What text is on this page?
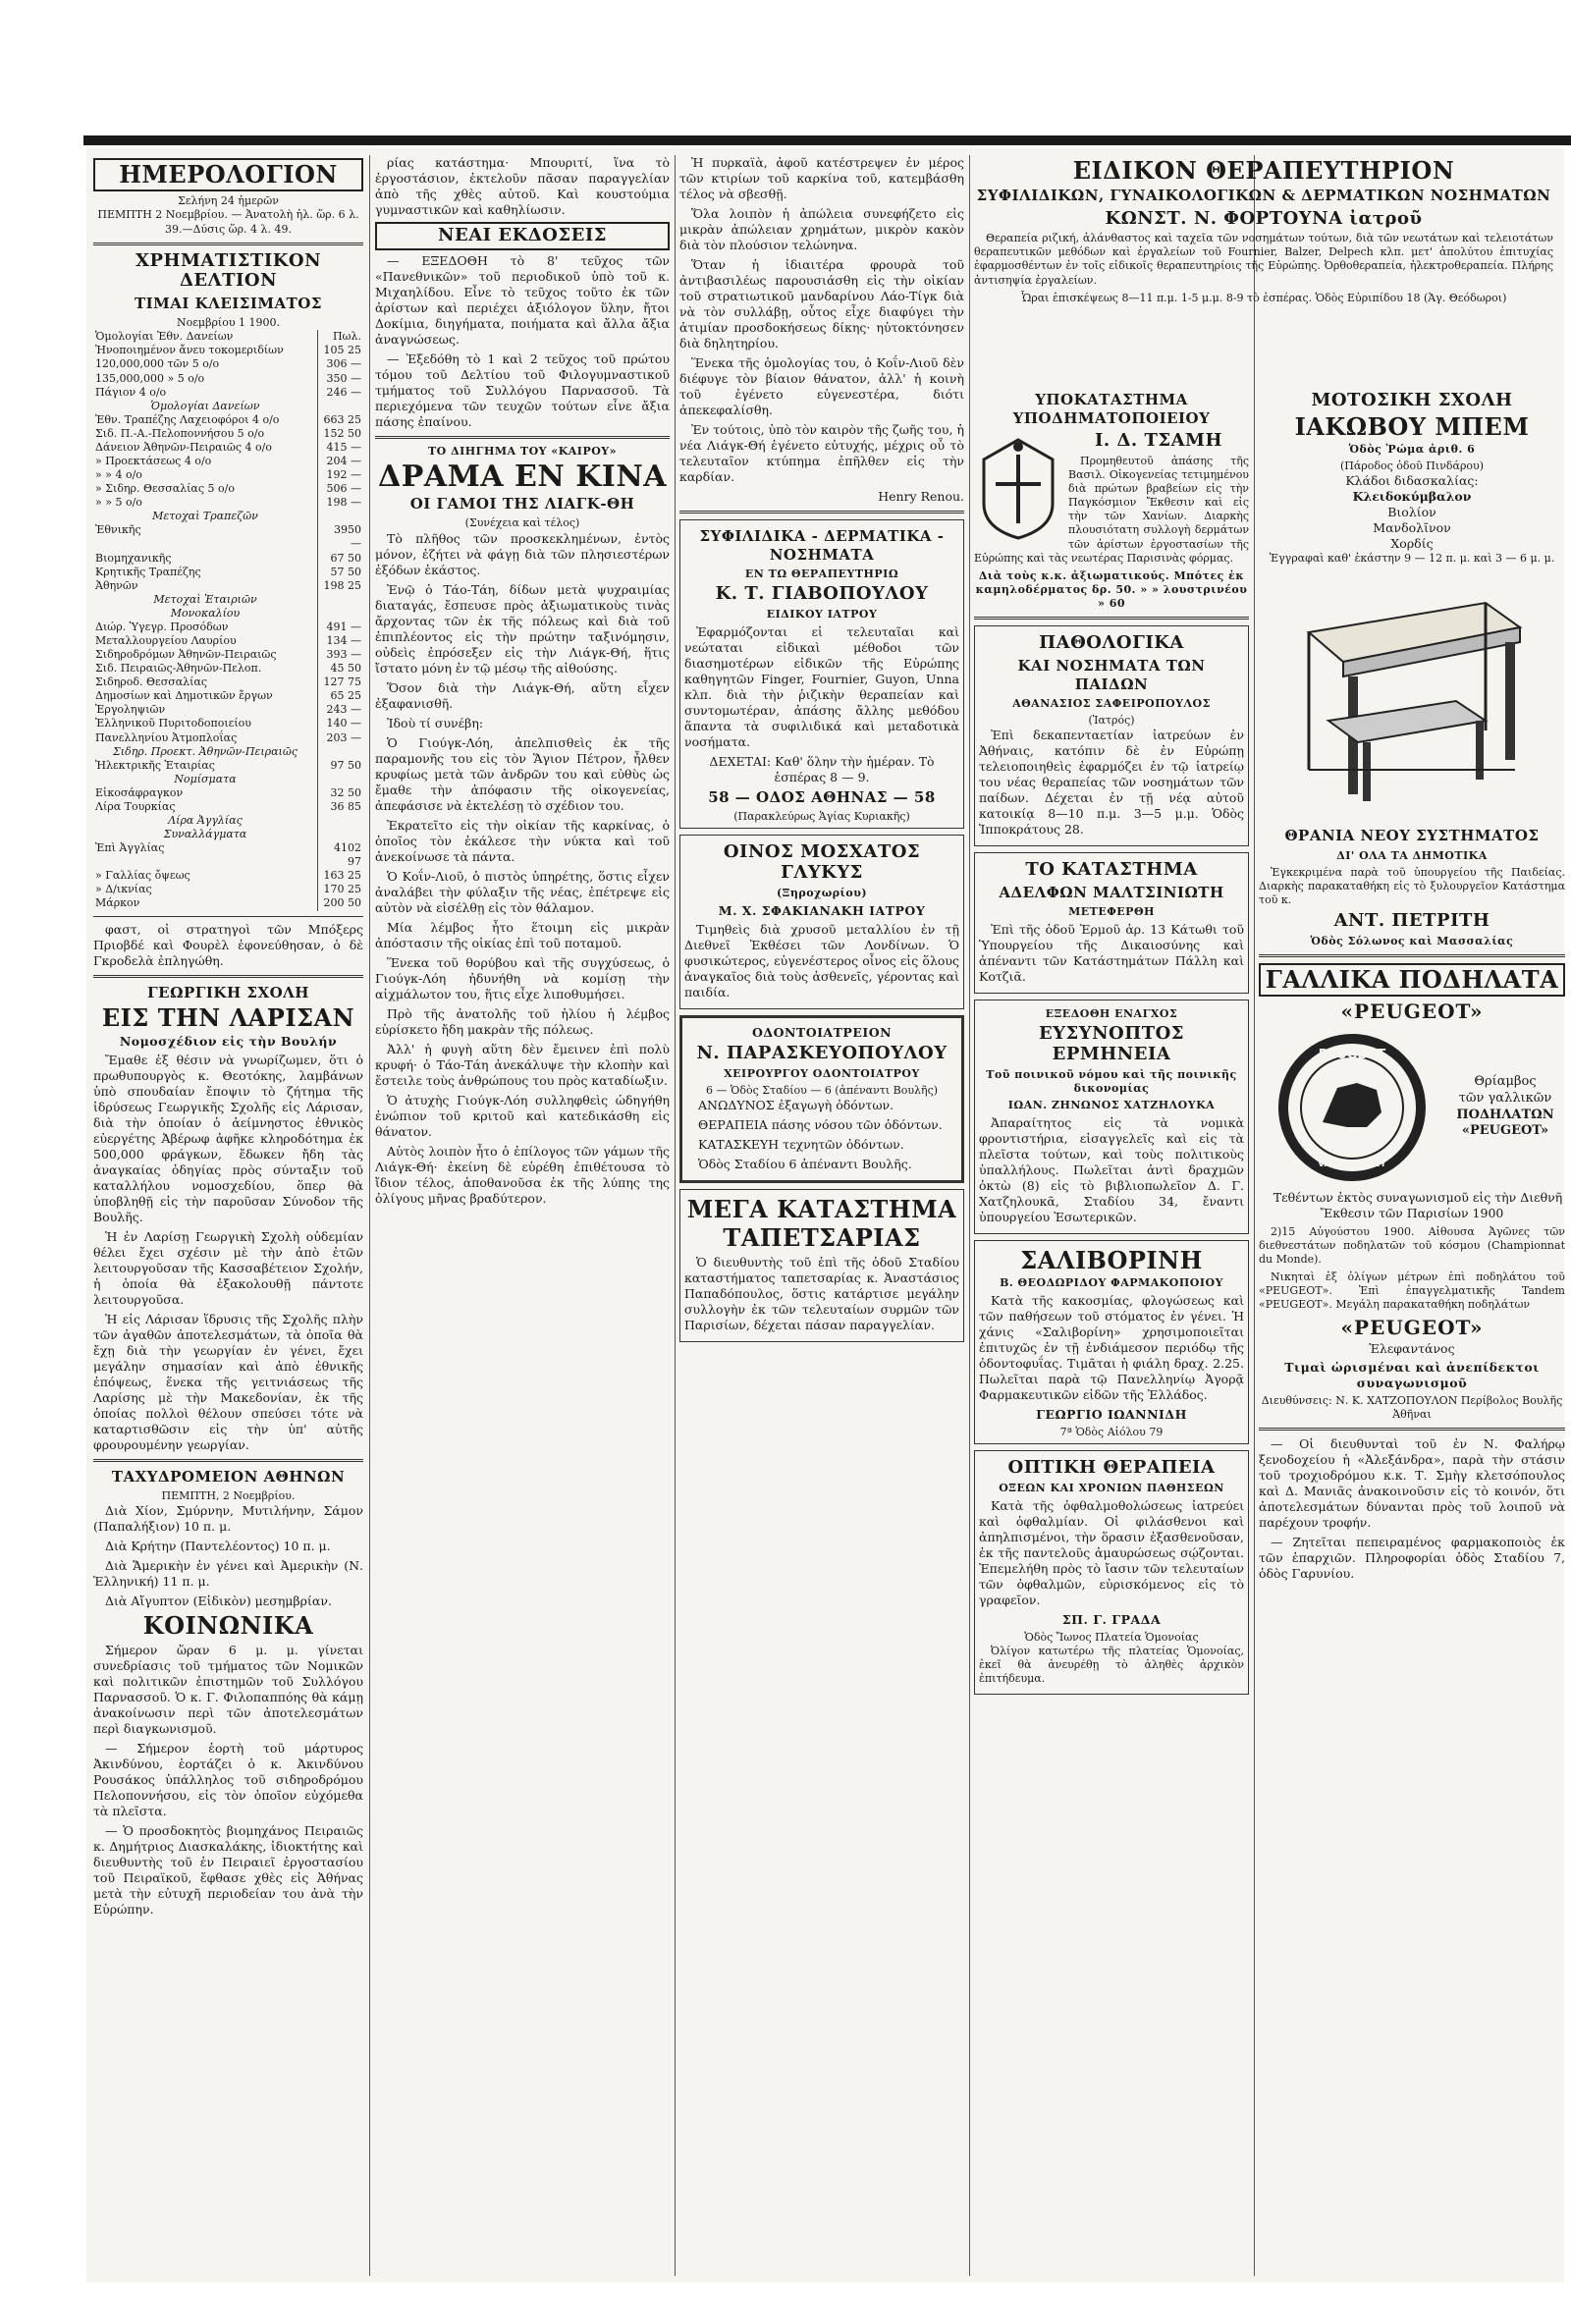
ΗΜΕΡΟΛΟΓΙΟΝ
Σελήνη 24 ἡμερῶν
ΠΕΜΠΤΗ 2 Νοεμβρίου. — Ἀνατολὴ ἡλ. ὥρ. 6 λ. 39.—Δύσις ὥρ. 4 λ. 49.
ΧΡΗΜΑΤΙΣΤΙΚΟΝ ΔΕΛΤΙΟΝ
ΤΙΜΑΙ ΚΛΕΙΣΙΜΑΤΟΣ
Νοεμβρίου 1 1900.
Ὁμολογίαι Ἐθν. Δανείων	Πωλ.
Ἠνοποιημένον ἄνευ τοκομεριδίων	105 25
120,000,000 τῶν 5 ο/ο	306 —
135,000,000 » 5 ο/ο	350 —
Πάγιον 4 ο/ο	246 —
Ὁμολογίαι Δανείων	
Ἐθν. Τραπέζης Λαχειοφόροι 4 ο/ο	663 25
Σιδ. Π.-Α.-Πελοποννήσου 5 ο/ο	152 50
Δάνειον Ἀθηνῶν-Πειραιῶς 4 ο/ο	415 —
» Προεκτάσεως 4 ο/ο	204 —
» » 4 ο/ο	192 —
» Σιδηρ. Θεσσαλίας 5 ο/ο	506 —
» » 5 ο/ο	198 —
Μετοχαὶ Τραπεζῶν	
Ἐθνικῆς	3950 —
Βιομηχανικῆς	67 50
Κρητικῆς Τραπέζης	57 50
Ἀθηνῶν	198 25
Μετοχαὶ Ἑταιριῶν	
Μονοκαλίου	
Διώρ. Ὑγεγρ. Προσόδων	491 —
Μεταλλουργείου Λαυρίου	134 —
Σιδηροδρόμων Ἀθηνῶν-Πειραιῶς	393 —
Σιδ. Πειραιῶς-Ἀθηνῶν-Πελοπ.	45 50
Σιδηροδ. Θεσσαλίας	127 75
Δημοσίων καὶ Δημοτικῶν ἔργων	65 25
Ἐργοληψιῶν	243 —
Ἑλληνικοῦ Πυριτοδοποιείου	140 —
Πανελληνίου Ἀτμοπλοΐας	203 —
Σιδηρ. Προεκτ. Ἀθηνῶν-Πειραιῶς	
Ἠλεκτρικῆς Ἑταιρίας	97 50
Νομίσματα	
Εἰκοσάφραγκον	32 50
Λίρα Τουρκίας	36 85
Λίρα Ἀγγλίας	
Συναλλάγματα	
Ἐπὶ Ἀγγλίας	4102 97
» Γαλλίας ὄψεως	163 25
» Δ/ικνίας	170 25
Μάρκον	200 50

φαστ, οἱ στρατηγοὶ τῶν Μπόξερς Πριοβδέ καὶ Φουρὲλ ἐφονεύθησαν, ὁ δὲ Γκροδελὰ ἐπληγώθη.

ΓΕΩΡΓΙΚΗ ΣΧΟΛΗ
ΕΙΣ ΤΗΝ ΛΑΡΙΣΑΝ
Νομοσχέδιον εἰς τὴν Βουλήν

Ἔμαθε ἐξ θέσιν νὰ γνωρίζωμεν, ὅτι ὁ πρωθυπουργὸς κ. Θεοτόκης, λαμβάνων ὑπὸ σπουδαίαν ἔποψιν τὸ ζήτημα τῆς ἱδρύσεως Γεωργικῆς Σχολῆς εἰς Λάρισαν, διὰ τὴν ὁποίαν ὁ ἀείμνηστος ἐθνικὸς εὐεργέτης Ἀβέρωφ ἀφῆκε κληροδότημα ἐκ 500,000 φράγκων, ἔδωκεν ἤδη τὰς ἀναγκαίας ὁδηγίας πρὸς σύνταξιν τοῦ καταλλήλου νομοσχεδίου, ὅπερ θὰ ὑποβληθῇ εἰς τὴν παροῦσαν Σύνοδον τῆς Βουλῆς.

Ἡ ἐν Λαρίσῃ Γεωργικὴ Σχολὴ οὐδεμίαν θέλει ἔχει σχέσιν μὲ τὴν ἀπὸ ἐτῶν λειτουργοῦσαν τῆς Κασσαβέτειον Σχολήν, ἡ ὁποία θὰ ἐξακολουθῇ πάντοτε λειτουργοῦσα.

Ἡ εἰς Λάρισαν ἵδρυσις τῆς Σχολῆς πλὴν τῶν ἀγαθῶν ἀποτελεσμάτων, τὰ ὁποῖα θὰ ἔχῃ διὰ τὴν γεωργίαν ἐν γένει, ἔχει μεγάλην σημασίαν καὶ ἀπὸ ἐθνικῆς ἐπόψεως, ἕνεκα τῆς γειτνιάσεως τῆς Λαρίσης μὲ τὴν Μακεδονίαν, ἐκ τῆς ὁποίας πολλοὶ θέλουν σπεύσει τότε νὰ καταρτισθῶσιν εἰς τὴν ὑπ' αὐτῆς φρουρουμένην γεωργίαν.

ΤΑΧΥΔΡΟΜΕΙΟΝ ΑΘΗΝΩΝ
ΠΕΜΠΤΗ, 2 Νοεμβρίου.

Διὰ Χίον, Σμύρνην, Μυτιλήνην, Σάμον (Παπαλήξιον) 10 π. μ.

Διὰ Κρήτην (Παντελέοντος) 10 π. μ.

Διὰ Ἄμερικὴν ἐν γένει καὶ Ἀμερικὴν (Ν. Ἑλληνική) 11 π. μ.

Διὰ Αἴγυπτον (Εἰδικὸν) μεσημβρίαν.

ΚΟΙΝΩΝΙΚΑ

Σήμερον ὥραν 6 μ. μ. γίνεται συνεδρίασις τοῦ τμήματος τῶν Νομικῶν καὶ πολιτικῶν ἐπιστημῶν τοῦ Συλλόγου Παρνασσοῦ. Ὁ κ. Γ. Φιλοπαππόης θὰ κάμῃ ἀνακοίνωσιν περὶ τῶν ἀποτελεσμάτων περὶ διαγκωνισμοῦ.

— Σήμερον ἑορτὴ τοῦ μάρτυρος Ἀκινδύνου, ἑορτάζει ὁ κ. Ἀκινδύνου Ρουσάκος ὑπάλληλος τοῦ σιδηροδρόμου Πελοποννήσου, εἰς τὸν ὁποῖον εὐχόμεθα τὰ πλεῖστα.

— Ὁ προσδοκητὸς βιομηχάνος Πειραιῶς κ. Δημήτριος Διασκαλάκης, ἰδιοκτήτης καὶ διευθυντὴς τοῦ ἐν Πειραιεῖ ἐργοστασίου τοῦ Πειραϊκοῦ, ἔφθασε χθὲς εἰς Ἀθήνας μετὰ τὴν εὐτυχῆ περιοδείαν του ἀνὰ τὴν Εὐρώπην.

ρίας κατάστημα· Μπουριτί, ἵνα τὸ ἐργοστάσιον, ἐκτελοῦν πᾶσαν παραγγελίαν ἀπὸ τῆς χθὲς αὐτοῦ. Καὶ κουστούμια γυμναστικῶν καὶ καθηλίωσιν.

ΝΕΑΙ ΕΚΔΟΣΕΙΣ

— ΕΞΕΔΟΘΗ τὸ 8' τεῦχος τῶν «Πανεθνικῶν» τοῦ περιοδικοῦ ὑπὸ τοῦ κ. Μιχαηλίδου. Εἶνε τὸ τεῦχος τοῦτο ἐκ τῶν ἀρίστων καὶ περιέχει ἀξιόλογον ὕλην, ἤτοι Δοκίμια, διηγήματα, ποιήματα καὶ ἄλλα ἄξια ἀναγνώσεως.

— Ἐξεδόθη τὸ 1 καὶ 2 τεῦχος τοῦ πρώτου τόμου τοῦ Δελτίου τοῦ Φιλογυμναστικοῦ τμήματος τοῦ Συλλόγου Παρνασσοῦ. Τὰ περιεχόμενα τῶν τευχῶν τούτων εἶνε ἄξια πάσης ἐπαίνου.

ΤΟ ΔΙΗΓΗΜΑ ΤΟΥ «ΚΑΙΡΟΥ»
ΔΡΑΜΑ ΕΝ ΚΙΝΑ
ΟΙ ΓΑΜΟΙ ΤΗΣ ΛΙΑΓΚ-ΘΗ
(Συνέχεια καὶ τέλος)

Τὸ πλῆθος τῶν προσκεκλημένων, ἐντὸς μόνον, ἐζήτει νὰ φάγῃ διὰ τῶν πλησιεστέρων ἐξόδων ἑκάστος.

Ἐνῷ ὁ Τάο-Τάη, δίδων μετὰ ψυχραιμίας διαταγάς, ἔσπευσε πρὸς ἀξιωματικοὺς τινὰς ἄρχοντας τῶν ἐκ τῆς πόλεως καὶ διὰ τοῦ ἐπιπλέοντος εἰς τὴν πρώτην ταξινόμησιν, οὐδεὶς ἐπρόσεξεν εἰς τὴν Λιάγκ-Θή, ἥτις ἴστατο μόνη ἐν τῷ μέσῳ τῆς αἰθούσης.

Ὅσον διὰ τὴν Λιάγκ-Θή, αὕτη εἶχεν ἐξαφανισθῆ.

Ἰδοὺ τί συνέβη:

Ὁ Γιούγκ-Λόη, ἀπελπισθεὶς ἐκ τῆς παραμονῆς του εἰς τὸν Ἅγιον Πέτρον, ἦλθεν κρυφίως μετὰ τῶν ἀνδρῶν του καὶ εὐθὺς ὡς ἔμαθε τὴν ἀπόφασιν τῆς οἰκογενείας, ἀπεφάσισε νὰ ἐκτελέσῃ τὸ σχέδιον του.

Ἐκρατεῖτο εἰς τὴν οἰκίαν τῆς καρκίνας, ὁ ὁποῖος τὸν ἐκάλεσε τὴν νύκτα καὶ τοῦ ἀνεκοίνωσε τὰ πάντα.

Ὁ Κοΐν-Λιοῦ, ὁ πιστὸς ὑπηρέτης, ὅστις εἶχεν ἀναλάβει τὴν φύλαξιν τῆς νέας, ἐπέτρεψε εἰς αὐτὸν νὰ εἰσέλθῃ εἰς τὸν θάλαμον.

Μία λέμβος ἦτο ἕτοιμη εἰς μικρὰν ἀπόστασιν τῆς οἰκίας ἐπὶ τοῦ ποταμοῦ.

Ἕνεκα τοῦ θορύβου καὶ τῆς συγχύσεως, ὁ Γιούγκ-Λόη ἠδυνήθη νὰ κομίσῃ τὴν αἰχμάλωτον του, ἥτις εἶχε λιποθυμήσει.

Πρὸ τῆς ἀνατολῆς τοῦ ἡλίου ἡ λέμβος εὑρίσκετο ἤδη μακρὰν τῆς πόλεως.

Ἀλλ' ἡ φυγὴ αὕτη δὲν ἔμεινεν ἐπὶ πολὺ κρυφή· ὁ Τάο-Τάη ἀνεκάλυψε τὴν κλοπὴν καὶ ἔστειλε τοὺς ἀνθρώπους του πρὸς καταδίωξιν.

Ὁ ἀτυχὴς Γιούγκ-Λόη συλληφθεὶς ὡδηγήθη ἐνώπιον τοῦ κριτοῦ καὶ κατεδικάσθη εἰς θάνατον.

Αὐτὸς λοιπὸν ἦτο ὁ ἐπίλογος τῶν γάμων τῆς Λιάγκ-Θή· ἐκείνη δὲ εὑρέθη ἐπιθέτουσα τὸ ἴδιον τέλος, ἀποθανοῦσα ἐκ τῆς λύπης της ὀλίγους μῆνας βραδύτερον.

Ἡ πυρκαϊὰ, ἀφοῦ κατέστρεψεν ἐν μέρος τῶν κτιρίων τοῦ καρκίνα τοῦ, κατεμβάσθη τέλος νὰ σβεσθῇ.

Ὅλα λοιπὸν ἡ ἀπώλεια συνεφήζετο εἰς μικρὰν ἀπώλειαν χρημάτων, μικρὸν κακὸν διὰ τὸν πλούσιον τελώνηνα.

Ὅταν ἡ ἰδιαιτέρα φρουρὰ τοῦ ἀντιβασιλέως παρουσιάσθη εἰς τὴν οἰκίαν τοῦ στρατιωτικοῦ μανδαρίνου Λάο-Τίγκ διὰ νὰ τὸν συλλάβῃ, οὗτος εἶχε διαφύγει τὴν ἀτιμίαν προσδοκήσεως δίκης· ηὐτοκτόνησεν διὰ δηλητηρίου.

Ἕνεκα τῆς ὁμολογίας του, ὁ Κοΐν-Λιοῦ δὲν διέφυγε τὸν βίαιον θάνατον, ἀλλ' ἡ κοινὴ τοῦ ἐγένετο εὐγενεστέρα, διότι ἀπεκεφαλίσθη.

Ἐν τούτοις, ὑπὸ τὸν καιρὸν τῆς ζωῆς του, ἡ νέα Λιάγκ-Θή ἐγένετο εὐτυχής, μέχρις οὗ τὸ τελευταῖον κτύπημα ἐπῆλθεν εἰς τὴν καρδίαν.

Henry Renou.
ΣΥΦΙΛΙΔΙΚΑ - ΔΕΡΜΑΤΙΚΑ - ΝΟΣΗΜΑΤΑ
ΕΝ ΤΩ ΘΕΡΑΠΕΥΤΗΡΙΩ
Κ. Τ. ΓΙΑΒΟΠΟΥΛΟΥ
ΕΙΔΙΚΟΥ ΙΑΤΡΟΥ

Ἐφαρμόζονται εἰ τελευταῖαι καὶ νεώταται εἰδικαὶ μέθοδοι τῶν διασημοτέρων εἰδικῶν τῆς Εὐρώπης καθηγητῶν Finger, Fournier, Guyon, Unna κλπ. διὰ τὴν ῥιζικὴν θεραπείαν καὶ συντομωτέραν, ἀπάσης ἄλλης μεθόδου ἅπαντα τὰ συφιλιδικά καὶ μεταδοτικὰ νοσήματα.

ΔΕΧΕΤΑΙ: Καθ' ὅλην τὴν ἡμέραν. Τὸ ἑσπέρας 8 — 9.
58 — ΟΔΟΣ ΑΘΗΝΑΣ — 58
(Παρακλεύρως Ἁγίας Κυριακῆς)
ΟΙΝΟΣ ΜΟΣΧΑΤΟΣ ΓΛΥΚΥΣ
(Ξηροχωρίου)
Μ. Χ. ΣΦΑΚΙΑΝΑΚΗ ΙΑΤΡΟΥ

Τιμηθεὶς διὰ χρυσοῦ μεταλλίου ἐν τῇ Διεθνεῖ Ἐκθέσει τῶν Λονδίνων. Ὁ φυσικώτερος, εὐγενέστερος οἶνος εἰς ὅλους ἀναγκαῖος διὰ τοὺς ἀσθενεῖς, γέροντας καὶ παιδία.

ΟΔΟΝΤΟΙΑΤΡΕΙΟΝ
Ν. ΠΑΡΑΣΚΕΥΟΠΟΥΛΟΥ
ΧΕΙΡΟΥΡΓΟΥ ΟΔΟΝΤΟΙΑΤΡΟΥ
6 — Ὁδὸς Σταδίου — 6 (ἀπέναντι Βουλῆς)

ΑΝΩΔΥΝΟΣ ἐξαγωγὴ ὀδόντων.

ΘΕΡΑΠΕΙΑ πάσης νόσου τῶν ὀδόντων.

ΚΑΤΑΣΚΕΥΗ τεχνητῶν ὀδόντων.

Ὁδὸς Σταδίου 6 ἀπέναντι Βουλῆς.

ΜΕΓΑ ΚΑΤΑΣΤΗΜΑ
ΤΑΠΕΤΣΑΡΙΑΣ

Ὁ διευθυντὴς τοῦ ἐπὶ τῆς ὁδοῦ Σταδίου καταστήματος ταπετσαρίας κ. Ἀναστάσιος Παπαδόπουλος, ὅστις κατάρτισε μεγάλην συλλογὴν ἐκ τῶν τελευταίων συρμῶν τῶν Παρισίων, δέχεται πάσαν παραγγελίαν.

ΕΙΔΙΚΟΝ ΘΕΡΑΠΕΥΤΗΡΙΟΝ
ΣΥΦΙΛΙΔΙΚΩΝ, ΓΥΝΑΙΚΟΛΟΓΙΚΩΝ & ΔΕΡΜΑΤΙΚΩΝ ΝΟΣΗΜΑΤΩΝ
ΚΩΝΣΤ. Ν. ΦΟΡΤΟΥΝΑ ἰατροῦ

Θεραπεία ριζική, ἀλάνθαστος καὶ ταχεῖα τῶν νοσημάτων τούτων, διὰ τῶν νεωτάτων καὶ τελειοτάτων θεραπευτικῶν μεθόδων καὶ ἐργαλείων τοῦ Fournier, Balzer, Delpech κλπ. μετ' ἀπολύτου ἐπιτυχίας ἐφαρμοσθέντων ἐν τοῖς εἰδικοῖς θεραπευτηρίοις τῆς Εὐρώπης. Ὀρθοθεραπεία, ἠλεκτροθεραπεία. Πλήρης ἀντισηψία ἐργαλείων.

Ὧραι ἐπισκέψεως 8—11 π.μ. 1-5 μ.μ. 8-9 τὸ ἑσπέρας. Ὁδὸς Εὐριπίδου 18 (Ἁγ. Θεόδωροι)
ΥΠΟΚΑΤΑΣΤΗΜΑ ΥΠΟΔΗΜΑΤΟΠΟΙΕΙΟΥ
Ι. Δ. ΤΣΑΜΗ

Προμηθευτοῦ ἁπάσης τῆς Βασιλ. Οἰκογενείας τετιμημένου διὰ πρώτων βραβείων εἰς τὴν Παγκόσμιον Ἔκθεσιν καὶ εἰς τὴν τῶν Χανίων. Διαρκὴς πλουσιότατη συλλογὴ δερμάτων τῶν ἀρίστων ἐργοστασίων τῆς Εὐρώπης καὶ τὰς νεωτέρας Παρισινὰς φόρμας.

Διὰ τοὺς κ.κ. ἀξιωματικούς. Μπότες ἐκ καμηλοδέρματος δρ. 50. » » λουστρινέου » 60
ΠΑΘΟΛΟΓΙΚΑ
ΚΑΙ ΝΟΣΗΜΑΤΑ ΤΩΝ ΠΑΙΔΩΝ
ΑΘΑΝΑΣΙΟΣ ΣΑΦΕΙΡΟΠΟΥΛΟΣ
(Ἰατρός)

Ἐπὶ δεκαπενταετίαν ἰατρεύων ἐν Ἀθήναις, κατόπιν δὲ ἐν Εὐρώπῃ τελειοποιηθεὶς ἐφαρμόζει ἐν τῷ ἰατρείῳ του νέας θεραπείας τῶν νοσημάτων τῶν παίδων. Δέχεται ἐν τῇ νέᾳ αὐτοῦ κατοικίᾳ 8—10 π.μ. 3—5 μ.μ. Ὁδὸς Ἱπποκράτους 28.

ΤΟ ΚΑΤΑΣΤΗΜΑ
ΑΔΕΛΦΩΝ ΜΑΛΤΣΙΝΙΩΤΗ
ΜΕΤΕΦΕΡΘΗ

Ἐπὶ τῆς ὁδοῦ Ἑρμοῦ ἀρ. 13 Κάτωθι τοῦ Ὑπουργείου τῆς Δικαιοσύνης καὶ ἀπέναντι τῶν Κατάστημάτων Πάλλη καὶ Κοτζιᾶ.

ΕΞΕΔΟΘΗ ΕΝΑΓΧΟΣ
ΕΥΣΥΝΟΠΤΟΣ ΕΡΜΗΝΕΙΑ
Τοῦ ποινικοῦ νόμου καὶ τῆς ποινικῆς δικονομίας
ΙΩΑΝ. ΖΗΝΩΝΟΣ ΧΑΤΖΗΛΟΥΚΑ

Ἀπαραίτητος εἰς τὰ νομικὰ φροντιστήρια, εἰσαγγελεῖς καὶ εἰς τὰ πλεῖστα τούτων, καὶ τοὺς πολιτικοὺς ὑπαλλήλους. Πωλεῖται ἀντὶ δραχμῶν ὀκτὼ (8) εἰς τὸ βιβλιοπωλεῖον Δ. Γ. Χατζηλουκᾶ, Σταδίου 34, ἔναντι ὑπουργείου Ἐσωτερικῶν.

ΣΑΛΙΒΟΡΙΝΗ
Β. ΘΕΟΔΩΡΙΔΟΥ ΦΑΡΜΑΚΟΠΟΙΟΥ

Κατὰ τῆς κακοσμίας, φλογώσεως καὶ τῶν παθήσεων τοῦ στόματος ἐν γένει. Ἡ χάνις «Σαλιβορίνη» χρησιμοποιεῖται ἐπιτυχῶς ἐν τῇ ἐνδιάμεσον περιόδῳ τῆς ὀδοντοφυΐας. Τιμᾶται ἡ φιάλη δραχ. 2.25. Πωλεῖται παρὰ τῷ Πανελληνίῳ Ἀγορᾷ Φαρμακευτικῶν εἰδῶν τῆς Ἑλλάδος.

ΓΕΩΡΓΙΟ ΙΩΑΝΝΙΔΗ
7ª Ὁδὸς Αἰόλου 79
ΟΠΤΙΚΗ ΘΕΡΑΠΕΙΑ
ΟΞΕΩΝ ΚΑΙ ΧΡΟΝΙΩΝ ΠΑΘΗΣΕΩΝ

Κατὰ τῆς ὀφθαλμοθολώσεως ἰατρεύει καὶ ὀφθαλμίαν. Οἱ φιλάσθενοι καὶ ἀπηλπισμένοι, τὴν ὅρασιν ἐξασθενοῦσαν, ἐκ τῆς παντελοῦς ἀμαυρώσεως σῴζονται. Ἐπεμελήθη πρὸς τὸ ἴασιν τῶν τελευταίων τῶν ὀφθαλμῶν, εὐρισκόμενος εἰς τὸ γραφεῖον.

ΣΠ. Γ. ΓΡΑΔΑ
Ὁδὸς Ἴωνος Πλατεία Ὁμονοίας

Ὀλίγον κατωτέρω τῆς πλατείας Ὁμονοίας, ἐκεῖ θὰ ἀνευρέθῃ τὸ ἀληθὲς ἀρχικὸν ἐπιτήδευμα.

ΜΟΤΟΣΙΚΗ ΣΧΟΛΗ
ΙΑΚΩΒΟΥ ΜΠΕΜ
Ὁδὸς Ῥώμα ἀριθ. 6
(Πάροδος ὁδοῦ Πινδάρου)
Κλάδοι διδασκαλίας:
Κλειδοκύμβαλον
Βιολίον
Μανδολῖνον
Χορδίς
Ἐγγραφαὶ καθ' ἑκάστην 9 — 12 π. μ. καὶ 3 — 6 μ. μ.
ΘΡΑΝΙΑ ΝΕΟΥ ΣΥΣΤΗΜΑΤΟΣ
ΔΙ' ΟΛΑ ΤΑ ΔΗΜΟΤΙΚΑ

Ἐγκεκριμένα παρὰ τοῦ ὑπουργείου τῆς Παιδείας. Διαρκὴς παρακαταθήκη εἰς τὸ ξυλουργεῖον Κατάστημα τοῦ κ.

ΑΝΤ. ΠΕΤΡΙΤΗ
Ὁδὸς Σόλωνος καὶ Μασσαλίας
ΓΑΛΛΙΚΑ ΠΟΔΗΛΑΤΑ
«PEUGEOT»
PEUGEOT
VALENTIGNEY
Θρίαμβος
τῶν γαλλικῶν
ΠΟΔΗΛΑΤΩΝ
«PEUGEOT»

Τεθέντων ἐκτὸς συναγωνισμοῦ εἰς τὴν Διεθνῆ Ἔκθεσιν τῶν Παρισίων 1900

2)15 Αὐγούστου 1900. Αἰθουσα Ἀγῶνες τῶν διεθνεστάτων ποδηλατῶν τοῦ κόσμου (Championnat du Monde).

Νικηταὶ ἐξ ὀλίγων μέτρων ἐπὶ ποδηλάτου τοῦ «PEUGEOT». Ἐπὶ ἐπαγγελματικῆς Tandem «PEUGEOT». Μεγάλη παρακαταθήκη ποδηλάτων

«PEUGEOT»
Ἑλεφαντάνος
Τιμαὶ ὡρισμέναι καὶ ἀνεπίδεκτοι συναγωνισμοῦ
Διευθύνσεις: Ν. Κ. ΧΑΤΖΟΠΟΥΛΟΝ Περίβολος Βουλῆς
Ἀθῆναι

— Οἱ διευθυνταὶ τοῦ ἐν Ν. Φαλήρῳ ξενοδοχείου ἡ «Ἀλεξάνδρα», παρὰ τὴν στάσιν τοῦ τροχιοδρόμου κ.κ. Τ. Σμὴγ κλετσόπουλος καὶ Δ. Μανιᾶς ἀνακοινοῦσιν εἰς τὸ κοινόν, ὅτι ἀποτελεσμάτων δύνανται πρὸς τοῦ λοιποῦ νὰ παρέχουν τροφήν.

— Ζητεῖται πεπειραμένος φαρμακοποιὸς ἐκ τῶν ἐπαρχιῶν. Πληροφορίαι ὁδὸς Σταδίου 7, ὁδὸς Γαρυνίου.
